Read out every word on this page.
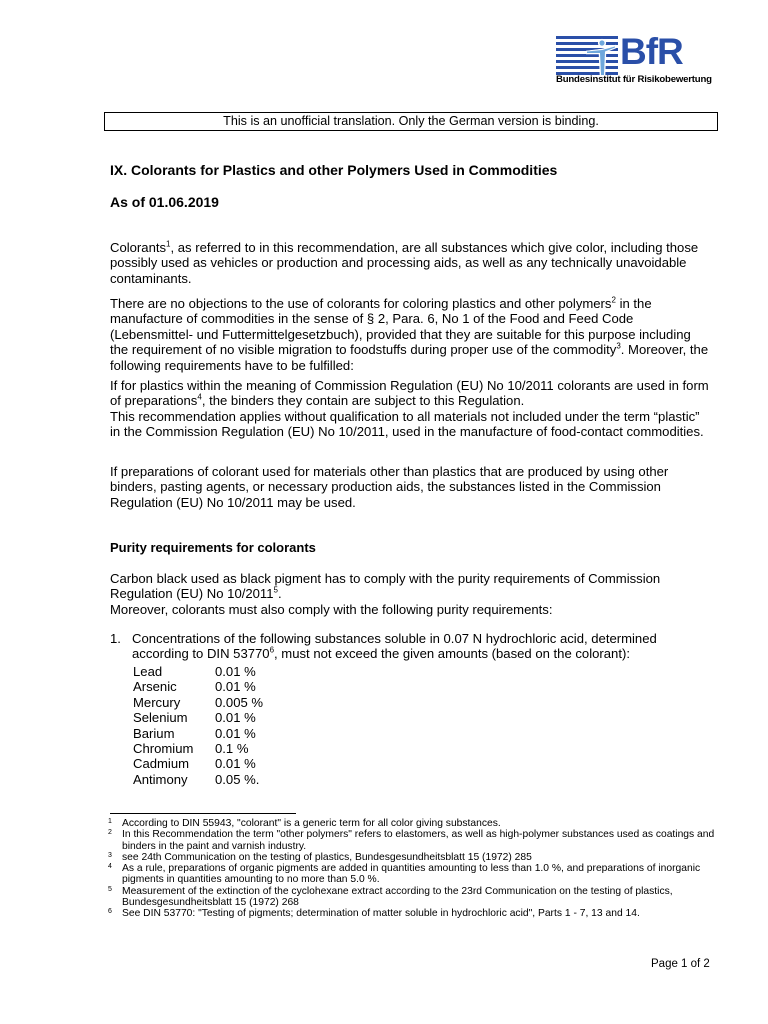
BfR
Bundesinstitut für Risikobewertung
This is an unofficial translation. Only the German version is binding.
IX. Colorants for Plastics and other Polymers Used in Commodities
As of 01.06.2019

Colorants$^1$, as referred to in this recommendation, are all substances which give color, including those possibly used as vehicles or production and processing aids, as well as any technically unavoidable contaminants.

There are no objections to the use of colorants for coloring plastics and other polymers$^2$ in the manufacture of commodities in the sense of § 2, Para. 6, No 1 of the Food and Feed Code (Lebensmittel- und Futtermittelgesetzbuch), provided that they are suitable for this purpose including the requirement of no visible migration to foodstuffs during proper use of the commodity$^3$. Moreover, the following requirements have to be fulfilled:

If for plastics within the meaning of Commission Regulation (EU) No 10/2011 colorants are used in form of preparations$^4$, the binders they contain are subject to this Regulation.

This recommendation applies without qualification to all materials not included under the term “plastic” in the Commission Regulation (EU) No 10/2011, used in the manufacture of food-contact commodities.

If preparations of colorant used for materials other than plastics that are produced by using other binders, pasting agents, or necessary production aids, the substances listed in the Commission Regulation (EU) No 10/2011 may be used.

Purity requirements for colorants

Carbon black used as black pigment has to comply with the purity requirements of Commission Regulation (EU) No 10/2011$^5$.

Moreover, colorants must also comply with the following purity requirements:

1. Concentrations of the following substances soluble in 0.07 N hydrochloric acid, determined according to DIN 53770$^6$, must not exceed the given amounts (based on the colorant):
Lead	0.01 %
Arsenic	0.01 %
Mercury	0.005 %
Selenium 0.01 %
Barium	0.01 %
Chromium 0.1 %
Cadmium 0.01 %
Antimony 0.05 %.
1 According to DIN 55943, "colorant" is a generic term for all color giving substances.
2 In this Recommendation the term "other polymers" refers to elastomers, as well as high-polymer substances used as coatings and binders in the paint and varnish industry.
3 see 24th Communication on the testing of plastics, Bundesgesundheitsblatt 15 (1972) 285
4 As a rule, preparations of organic pigments are added in quantities amounting to less than 1.0 %, and preparations of inorganic pigments in quantities amounting to no more than 5.0 %.
5 Measurement of the extinction of the cyclohexane extract according to the 23rd Communication on the testing of plastics, Bundesgesundheitsblatt 15 (1972) 268
6 See DIN 53770: "Testing of pigments; determination of matter soluble in hydrochloric acid", Parts 1 - 7, 13 and 14.
Page 1 of 2
